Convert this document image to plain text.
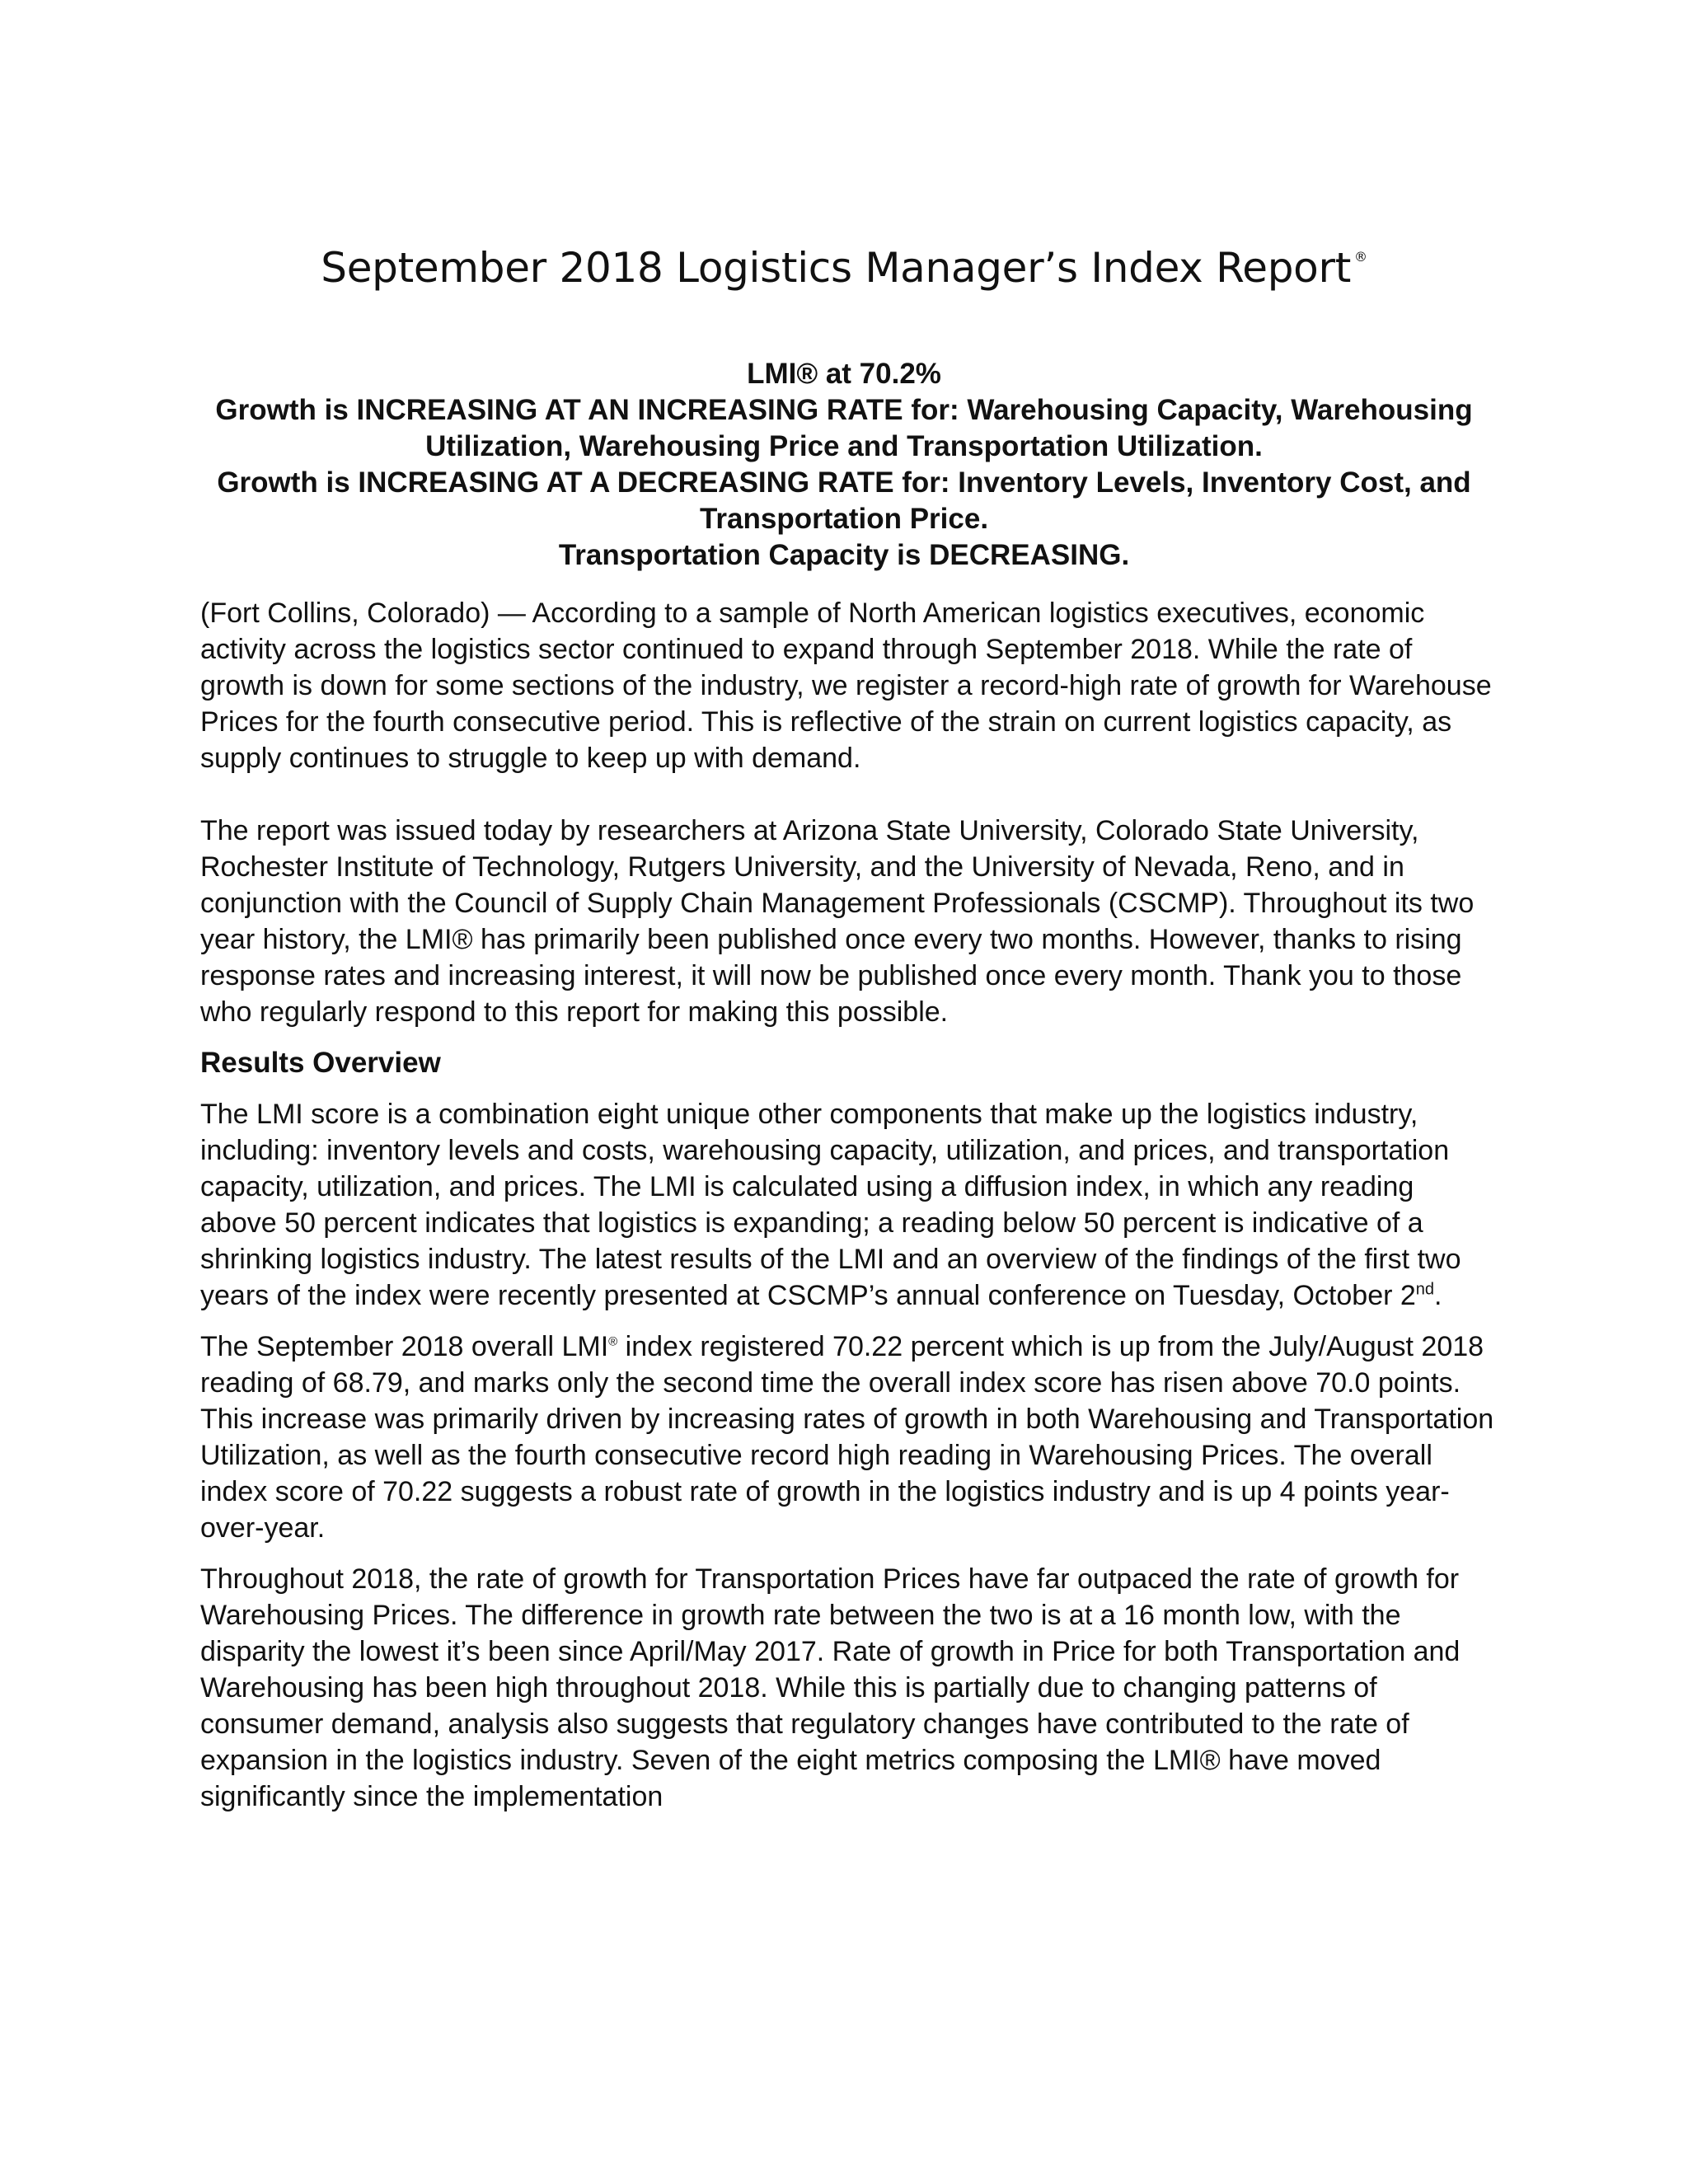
September 2018 Logistics Manager’s Index Report ®

LMI® at 70.2%

Growth is INCREASING AT AN INCREASING RATE for: Warehousing Capacity, Warehousing Utilization, Warehousing Price and Transportation Utilization.

Growth is INCREASING AT A DECREASING RATE for: Inventory Levels, Inventory Cost, and Transportation Price.

Transportation Capacity is DECREASING.

(Fort Collins, Colorado) — According to a sample of North American logistics executives, economic activity across the logistics sector continued to expand through September 2018. While the rate of growth is down for some sections of the industry, we register a record-high rate of growth for Warehouse Prices for the fourth consecutive period. This is reflective of the strain on current logistics capacity, as supply continues to struggle to keep up with demand.

The report was issued today by researchers at Arizona State University, Colorado State University, Rochester Institute of Technology, Rutgers University, and the University of Nevada, Reno, and in conjunction with the Council of Supply Chain Management Professionals (CSCMP). Throughout its two year history, the LMI® has primarily been published once every two months. However, thanks to rising response rates and increasing interest, it will now be published once every month. Thank you to those who regularly respond to this report for making this possible.

Results Overview

The LMI score is a combination eight unique other components that make up the logistics industry, including: inventory levels and costs, warehousing capacity, utilization, and prices, and transportation capacity, utilization, and prices. The LMI is calculated using a diffusion index, in which any reading above 50 percent indicates that logistics is expanding; a reading below 50 percent is indicative of a shrinking logistics industry. The latest results of the LMI and an overview of the findings of the first two years of the index were recently presented at CSCMP’s annual conference on Tuesday, October 2nd.

The September 2018 overall LMI® index registered 70.22 percent which is up from the July/August 2018 reading of 68.79, and marks only the second time the overall index score has risen above 70.0 points. This increase was primarily driven by increasing rates of growth in both Warehousing and Transportation Utilization, as well as the fourth consecutive record high reading in Warehousing Prices. The overall index score of 70.22 suggests a robust rate of growth in the logistics industry and is up 4 points year-over-year.

Throughout 2018, the rate of growth for Transportation Prices have far outpaced the rate of growth for Warehousing Prices. The difference in growth rate between the two is at a 16 month low, with the disparity the lowest it’s been since April/May 2017. Rate of growth in Price for both Transportation and Warehousing has been high throughout 2018. While this is partially due to changing patterns of consumer demand, analysis also suggests that regulatory changes have contributed to the rate of expansion in the logistics industry. Seven of the eight metrics composing the LMI® have moved significantly since the implementation
